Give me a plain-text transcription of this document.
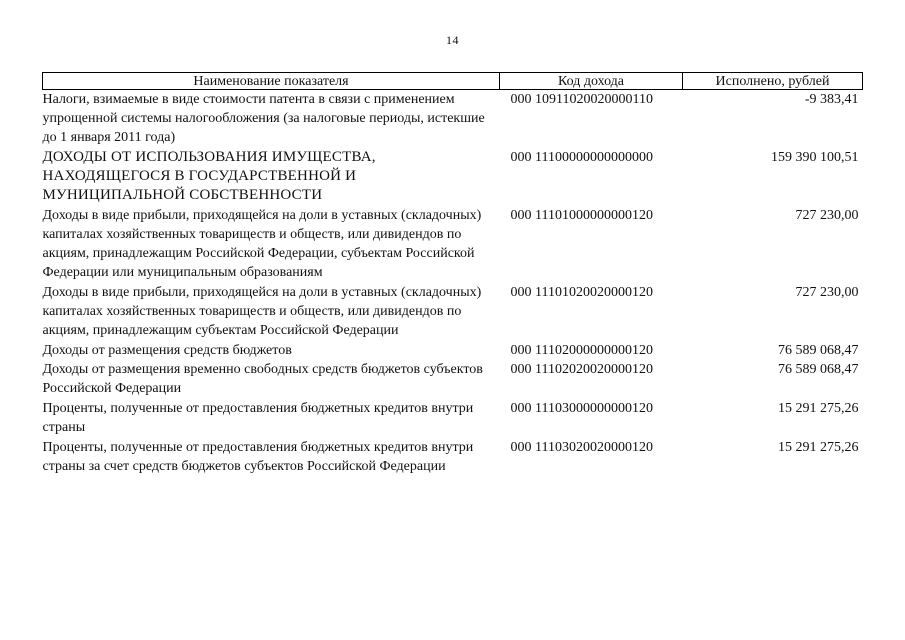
14
Наименование показателя	Код дохода	Исполнено, рублей
Налоги, взимаемые в виде стоимости патента в связи с применением упрощенной системы налогообложения (за налоговые периоды, истекшие до 1 января 2011 года)	000 10911020020000110	-9 383,41
ДОХОДЫ ОТ ИСПОЛЬЗОВАНИЯ ИМУЩЕСТВА, НАХОДЯЩЕГОСЯ В ГОСУДАРСТВЕННОЙ И МУНИЦИПАЛЬНОЙ СОБСТВЕННОСТИ	000 11100000000000000	159 390 100,51
Доходы в виде прибыли, приходящейся на доли в уставных (складочных) капиталах хозяйственных товариществ и обществ, или дивидендов по акциям, принадлежащим Российской Федерации, субъектам Российской Федерации или муниципальным образованиям	000 11101000000000120	727 230,00
Доходы в виде прибыли, приходящейся на доли в уставных (складочных) капиталах хозяйственных товариществ и обществ, или дивидендов по акциям, принадлежащим субъектам Российской Федерации	000 11101020020000120	727 230,00
Доходы от размещения средств бюджетов	000 11102000000000120	76 589 068,47
Доходы от размещения временно свободных средств бюджетов субъектов Российской Федерации	000 11102020020000120	76 589 068,47
Проценты, полученные от предоставления бюджетных кредитов внутри страны	000 11103000000000120	15 291 275,26
Проценты, полученные от предоставления бюджетных кредитов внутри страны за счет средств бюджетов субъектов Российской Федерации	000 11103020020000120	15 291 275,26
